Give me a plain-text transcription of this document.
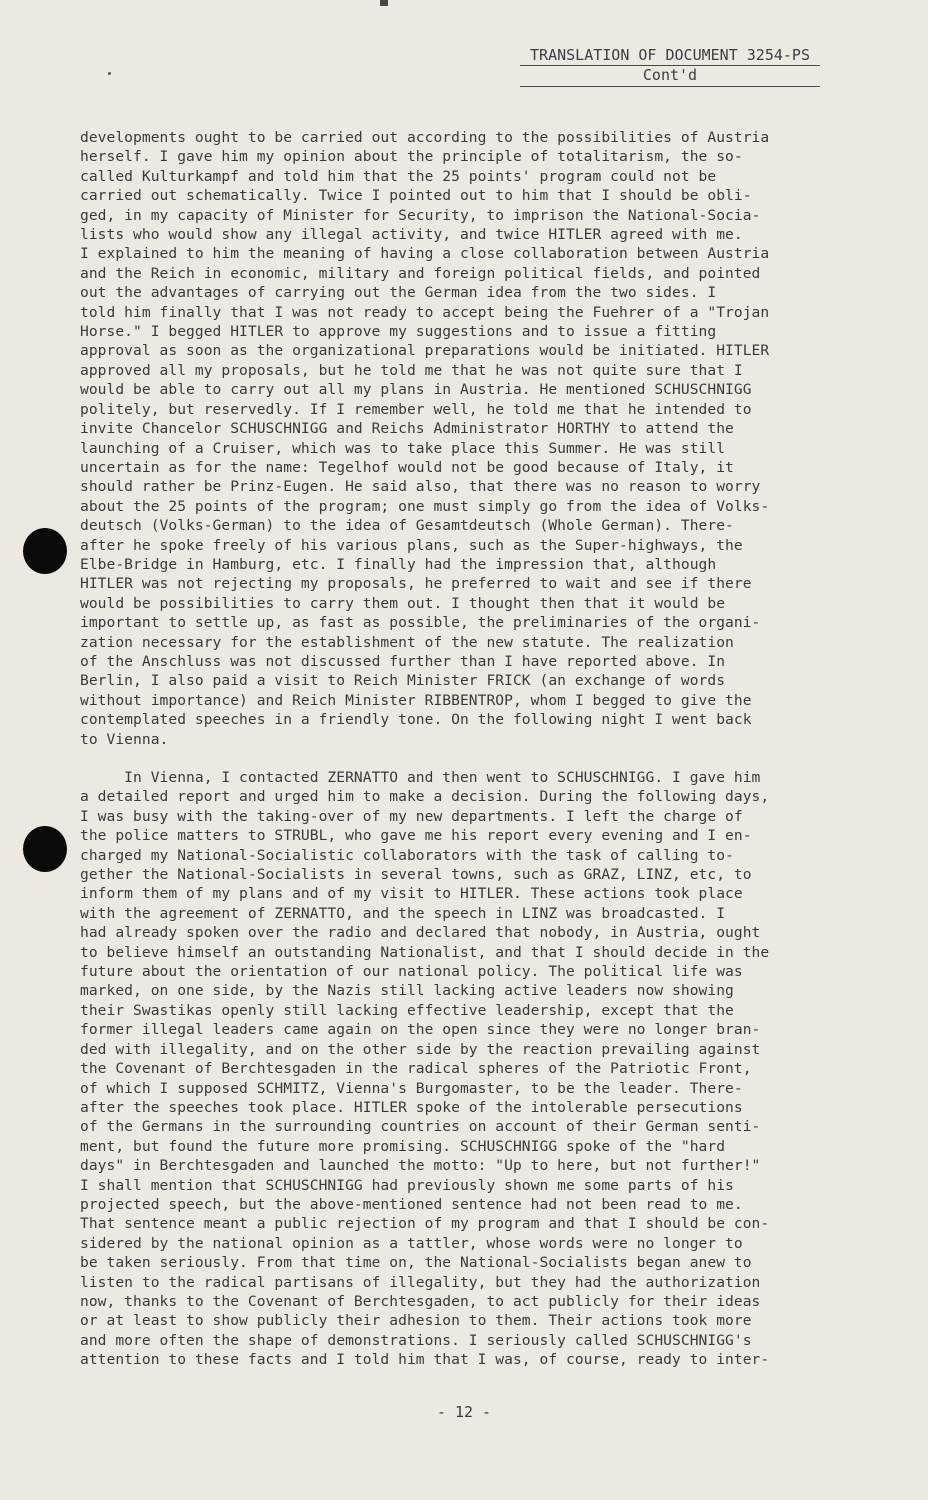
TRANSLATION OF DOCUMENT 3254-PS
Cont'd

developments ought to be carried out according to the possibilities of Austria
herself. I gave him my opinion about the principle of totalitarism, the so-
called Kulturkampf and told him that the 25 points' program could not be
carried out schematically. Twice I pointed out to him that I should be obli-
ged, in my capacity of Minister for Security, to imprison the National-Socia-
lists who would show any illegal activity, and twice HITLER agreed with me.
I explained to him the meaning of having a close collaboration between Austria
and the Reich in economic, military and foreign political fields, and pointed
out the advantages of carrying out the German idea from the two sides. I
told him finally that I was not ready to accept being the Fuehrer of a "Trojan
Horse." I begged HITLER to approve my suggestions and to issue a fitting
approval as soon as the organizational preparations would be initiated. HITLER
approved all my proposals, but he told me that he was not quite sure that I
would be able to carry out all my plans in Austria. He mentioned SCHUSCHNIGG
politely, but reservedly. If I remember well, he told me that he intended to
invite Chancelor SCHUSCHNIGG and Reichs Administrator HORTHY to attend the
launching of a Cruiser, which was to take place this Summer. He was still
uncertain as for the name: Tegelhof would not be good because of Italy, it
should rather be Prinz-Eugen. He said also, that there was no reason to worry
about the 25 points of the program; one must simply go from the idea of Volks-
deutsch (Volks-German) to the idea of Gesamtdeutsch (Whole German). There-
after he spoke freely of his various plans, such as the Super-highways, the
Elbe-Bridge in Hamburg, etc. I finally had the impression that, although
HITLER was not rejecting my proposals, he preferred to wait and see if there
would be possibilities to carry them out. I thought then that it would be
important to settle up, as fast as possible, the preliminaries of the organi-
zation necessary for the establishment of the new statute. The realization
of the Anschluss was not discussed further than I have reported above. In
Berlin, I also paid a visit to Reich Minister FRICK (an exchange of words
without importance) and Reich Minister RIBBENTROP, whom I begged to give the
contemplated speeches in a friendly tone. On the following night I went back
to Vienna.

In Vienna, I contacted ZERNATTO and then went to SCHUSCHNIGG. I gave him
a detailed report and urged him to make a decision. During the following days,
I was busy with the taking-over of my new departments. I left the charge of
the police matters to STRUBL, who gave me his report every evening and I en-
charged my National-Socialistic collaborators with the task of calling to-
gether the National-Socialists in several towns, such as GRAZ, LINZ, etc, to
inform them of my plans and of my visit to HITLER. These actions took place
with the agreement of ZERNATTO, and the speech in LINZ was broadcasted. I
had already spoken over the radio and declared that nobody, in Austria, ought
to believe himself an outstanding Nationalist, and that I should decide in the
future about the orientation of our national policy. The political life was
marked, on one side, by the Nazis still lacking active leaders now showing
their Swastikas openly still lacking effective leadership, except that the
former illegal leaders came again on the open since they were no longer bran-
ded with illegality, and on the other side by the reaction prevailing against
the Covenant of Berchtesgaden in the radical spheres of the Patriotic Front,
of which I supposed SCHMITZ, Vienna's Burgomaster, to be the leader. There-
after the speeches took place. HITLER spoke of the intolerable persecutions
of the Germans in the surrounding countries on account of their German senti-
ment, but found the future more promising. SCHUSCHNIGG spoke of the "hard
days" in Berchtesgaden and launched the motto: "Up to here, but not further!"
I shall mention that SCHUSCHNIGG had previously shown me some parts of his
projected speech, but the above-mentioned sentence had not been read to me.
That sentence meant a public rejection of my program and that I should be con-
sidered by the national opinion as a tattler, whose words were no longer to
be taken seriously. From that time on, the National-Socialists began anew to
listen to the radical partisans of illegality, but they had the authorization
now, thanks to the Covenant of Berchtesgaden, to act publicly for their ideas
or at least to show publicly their adhesion to them. Their actions took more
and more often the shape of demonstrations. I seriously called SCHUSCHNIGG's
attention to these facts and I told him that I was, of course, ready to inter-

- 12 -
